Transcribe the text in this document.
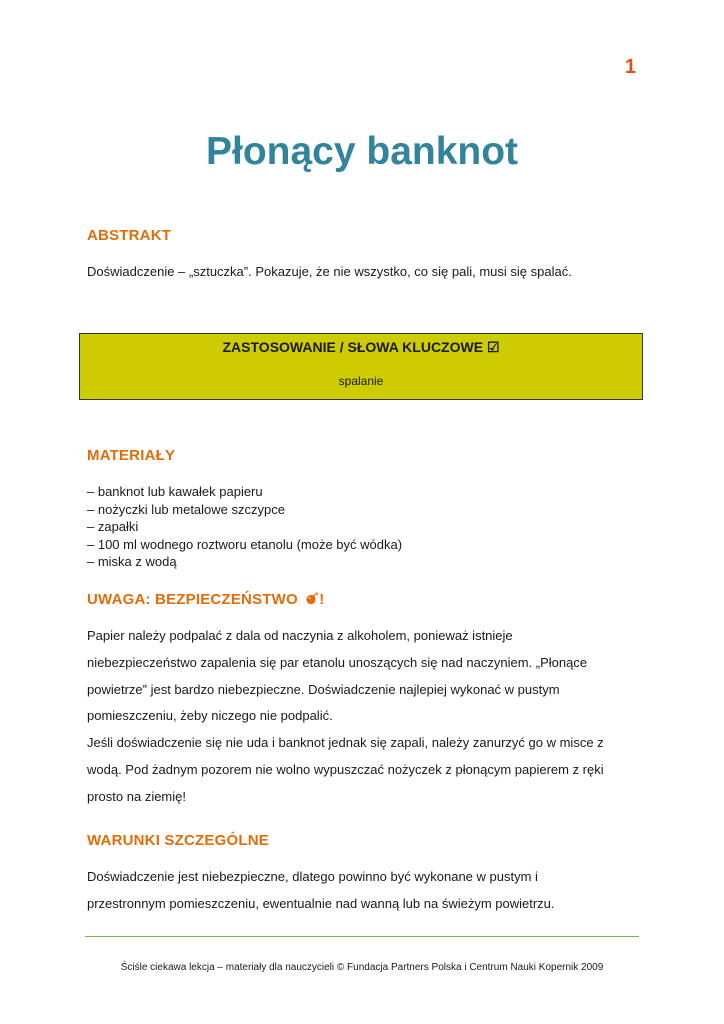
1
Płonący banknot
ABSTRAKT

Doświadczenie – „sztuczka”. Pokazuje, że nie wszystko, co się pali, musi się spalać.

ZASTOSOWANIE / SŁOWA KLUCZOWE ☑
spalanie
MATERIAŁY
– banknot lub kawałek papieru
– nożyczki lub metalowe szczypce
– zapałki
– 100 ml wodnego roztworu etanolu (może być wódka)
– miska z wodą
UWAGA: BEZPIECZEŃSTWO !
Papier należy podpalać z dala od naczynia z alkoholem, ponieważ istnieje
niebezpieczeństwo zapalenia się par etanolu unoszących się nad naczyniem. „Płonące
powietrze” jest bardzo niebezpieczne. Doświadczenie najlepiej wykonać w pustym
pomieszczeniu, żeby niczego nie podpalić.
Jeśli doświadczenie się nie uda i banknot jednak się zapali, należy zanurzyć go w misce z
wodą. Pod żadnym pozorem nie wolno wypuszczać nożyczek z płonącym papierem z ręki
prosto na ziemię!
WARUNKI SZCZEGÓLNE
Doświadczenie jest niebezpieczne, dlatego powinno być wykonane w pustym i
przestronnym pomieszczeniu, ewentualnie nad wanną lub na świeżym powietrzu.
Ściśle ciekawa lekcja – materiały dla nauczycieli © Fundacja Partners Polska i Centrum Nauki Kopernik 2009
